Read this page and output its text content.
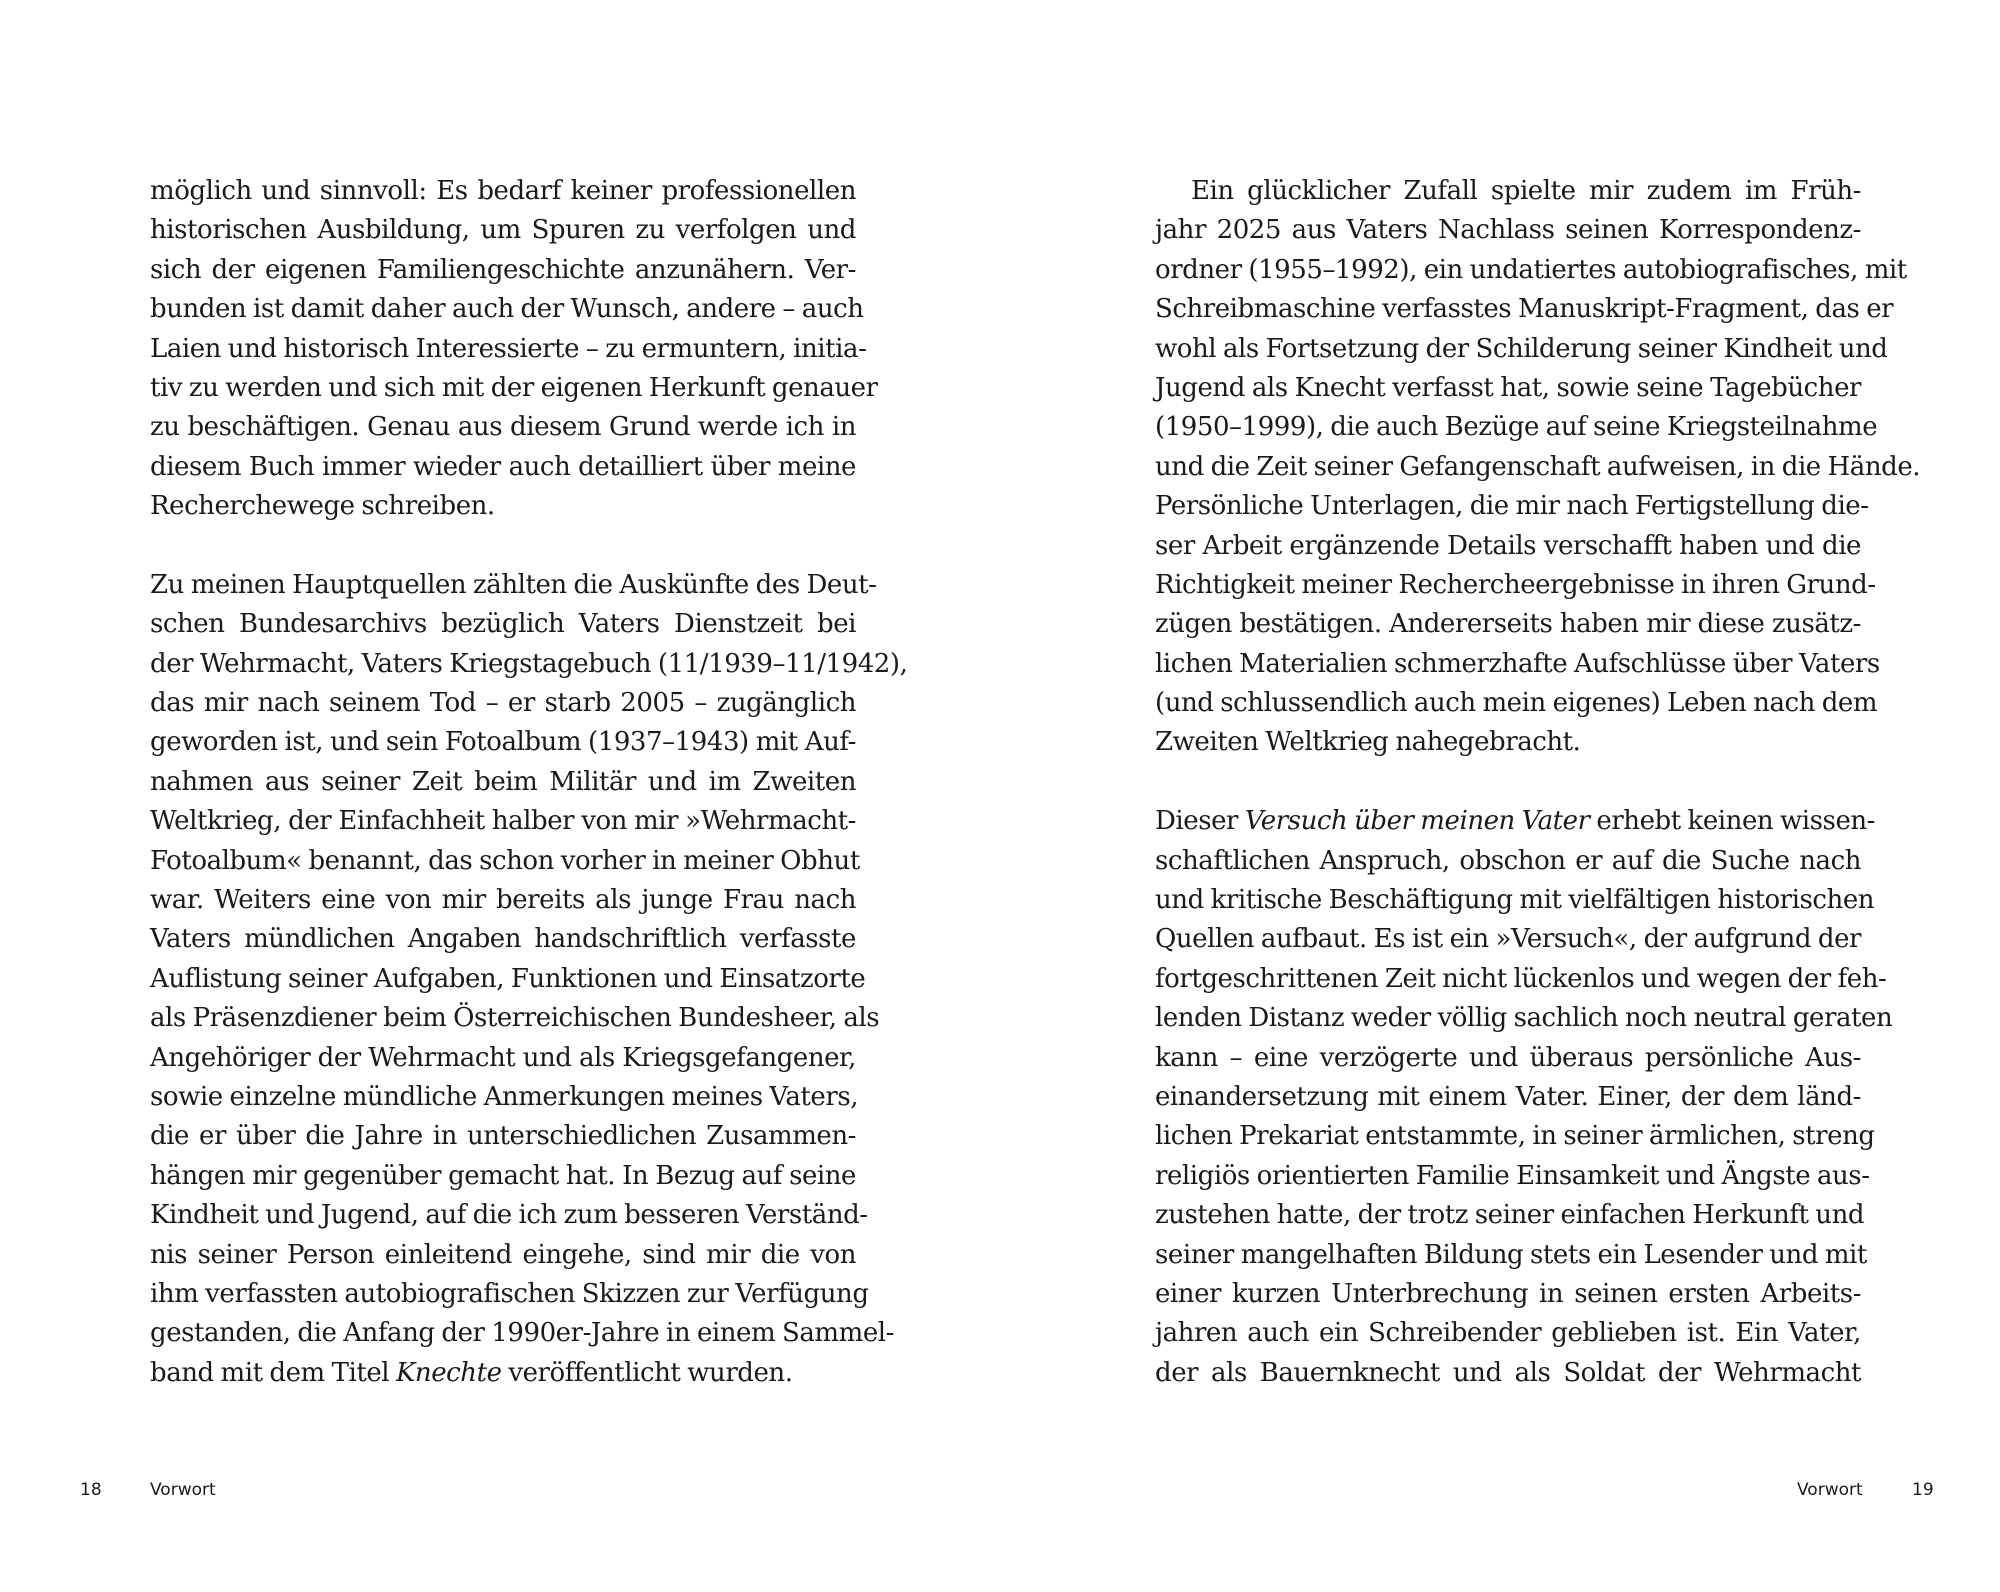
möglich und sinnvoll: Es bedarf keiner professionellen
historischen Ausbildung, um Spuren zu verfolgen und
sich der eigenen Familiengeschichte anzunähern. Ver-
bunden ist damit daher auch der Wunsch, andere – auch
Laien und historisch Interessierte – zu ermuntern, initia-
tiv zu werden und sich mit der eigenen Herkunft genauer
zu beschäftigen. Genau aus diesem Grund werde ich in
diesem Buch immer wieder auch detailliert über meine
Recherchewege schreiben.
Zu meinen Hauptquellen zählten die Auskünfte des Deut-
schen Bundesarchivs bezüglich Vaters Dienstzeit bei
der Wehrmacht, Vaters Kriegstagebuch (11/1939–11/1942),
das mir nach seinem Tod – er starb 2005 – zugänglich
geworden ist, und sein Fotoalbum (1937–1943) mit Auf-
nahmen aus seiner Zeit beim Militär und im Zweiten
Weltkrieg, der Einfachheit halber von mir »Wehrmacht-
Fotoalbum« benannt, das schon vorher in meiner Obhut
war. Weiters eine von mir bereits als junge Frau nach
Vaters mündlichen Angaben handschriftlich verfasste
Auflistung seiner Aufgaben, Funktionen und Einsatzorte
als Präsenzdiener beim Österreichischen Bundesheer, als
Angehöriger der Wehrmacht und als Kriegsgefangener,
sowie einzelne mündliche Anmerkungen meines Vaters,
die er über die Jahre in unterschiedlichen Zusammen-
hängen mir gegenüber gemacht hat. In Bezug auf seine
Kindheit und Jugend, auf die ich zum besseren Verständ-
nis seiner Person einleitend eingehe, sind mir die von
ihm verfassten autobiografischen Skizzen zur Verfügung
gestanden, die Anfang der 1990er-Jahre in einem Sammel-
band mit dem Titel Knechte veröffentlicht wurden.
18	Vorwort
Ein glücklicher Zufall spielte mir zudem im Früh-
jahr 2025 aus Vaters Nachlass seinen Korrespondenz-
ordner (1955–1992), ein undatiertes autobiografisches, mit
Schreibmaschine verfasstes Manuskript-Fragment, das er
wohl als Fortsetzung der Schilderung seiner Kindheit und
Jugend als Knecht verfasst hat, sowie seine Tagebücher
(1950–1999), die auch Bezüge auf seine Kriegsteilnahme
und die Zeit seiner Gefangenschaft aufweisen, in die Hände.
Persönliche Unterlagen, die mir nach Fertigstellung die-
ser Arbeit ergänzende Details verschafft haben und die
Richtigkeit meiner Rechercheergebnisse in ihren Grund-
zügen bestätigen. Andererseits haben mir diese zusätz-
lichen Materialien schmerzhafte Aufschlüsse über Vaters
(und schlussendlich auch mein eigenes) Leben nach dem
Zweiten Weltkrieg nahegebracht.
Dieser Versuch über meinen Vater erhebt keinen wissen-
schaftlichen Anspruch, obschon er auf die Suche nach
und kritische Beschäftigung mit vielfältigen historischen
Quellen aufbaut. Es ist ein »Versuch«, der aufgrund der
fortgeschrittenen Zeit nicht lückenlos und wegen der feh-
lenden Distanz weder völlig sachlich noch neutral geraten
kann – eine verzögerte und überaus persönliche Aus-
einandersetzung mit einem Vater. Einer, der dem länd-
lichen Prekariat entstammte, in seiner ärmlichen, streng
religiös orientierten Familie Einsamkeit und Ängste aus-
zustehen hatte, der trotz seiner einfachen Herkunft und
seiner mangelhaften Bildung stets ein Lesender und mit
einer kurzen Unterbrechung in seinen ersten Arbeits-
jahren auch ein Schreibender geblieben ist. Ein Vater,
der als Bauernknecht und als Soldat der Wehrmacht
Vorwort	19
